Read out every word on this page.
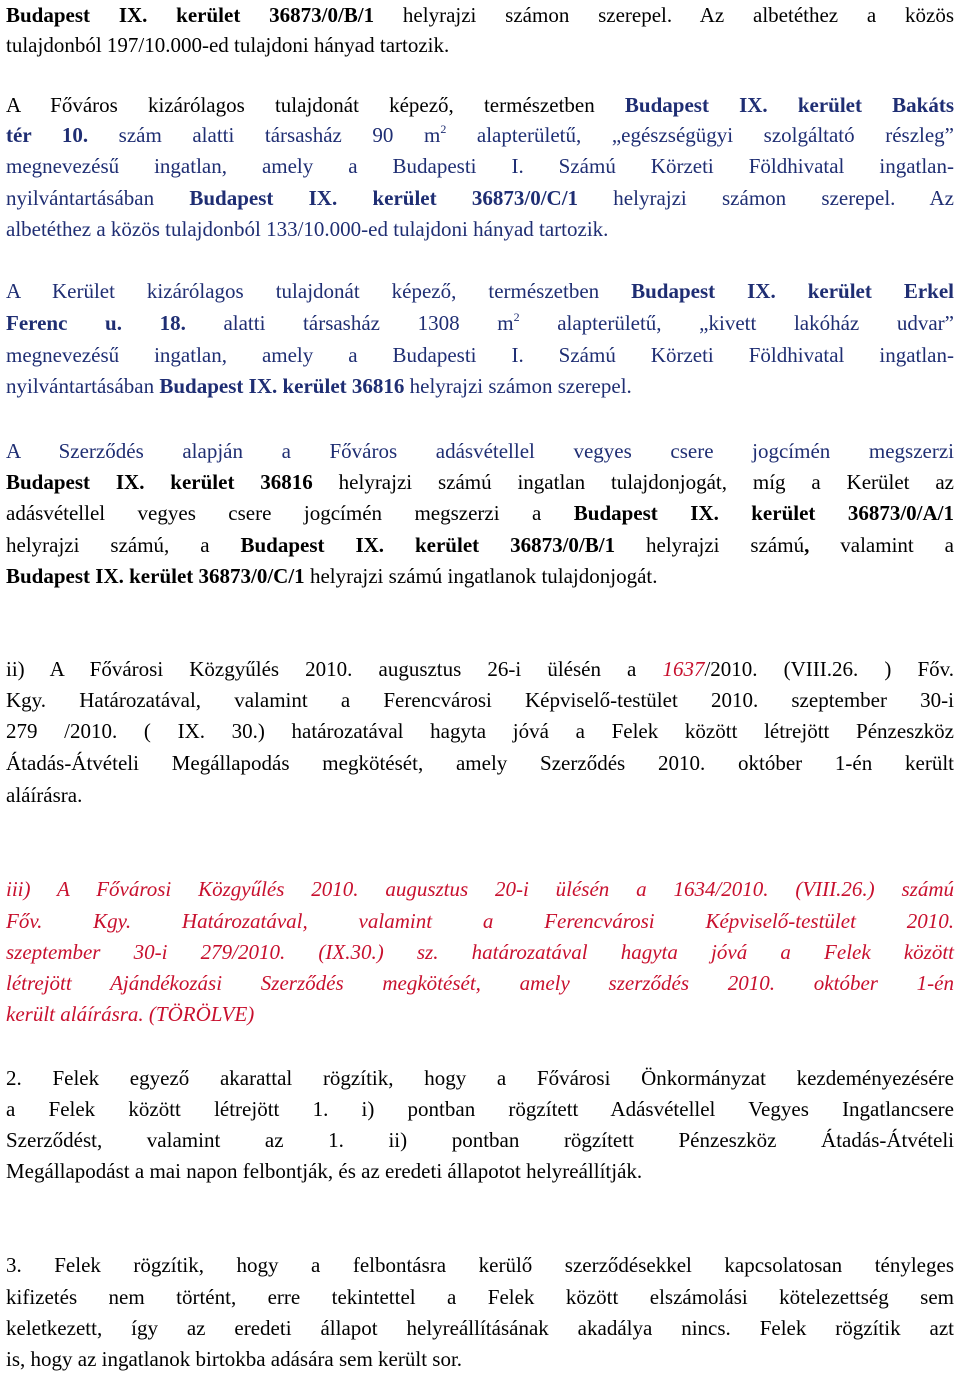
Budapest IX. kerület 36873/0/B/1 helyrajzi számon szerepel. Az albetéthez a közös
tulajdonból 197/10.000-ed tulajdoni hányad tartozik.
A Főváros kizárólagos tulajdonát képező, természetben Budapest IX. kerület Bakáts
tér 10. szám alatti társasház 90 $m^2$ alapterületű, „egészségügyi szolgáltató részleg”
megnevezésű ingatlan, amely a Budapesti I. Számú Körzeti Földhivatal ingatlan-
nyilvántartásában Budapest IX. kerület 36873/0/C/1 helyrajzi számon szerepel. Az
albetéthez a közös tulajdonból 133/10.000-ed tulajdoni hányad tartozik.
A Kerület kizárólagos tulajdonát képező, természetben Budapest IX. kerület Erkel
Ferenc u. 18. alatti társasház 1308 $m^2$ alapterületű, „kivett lakóház udvar”
megnevezésű ingatlan, amely a Budapesti I. Számú Körzeti Földhivatal ingatlan-
nyilvántartásában Budapest IX. kerület 36816 helyrajzi számon szerepel.
A Szerződés alapján a Főváros adásvétellel vegyes csere jogcímén megszerzi
Budapest IX. kerület 36816 helyrajzi számú ingatlan tulajdonjogát, míg a Kerület az
adásvétellel vegyes csere jogcímén megszerzi a Budapest IX. kerület 36873/0/A/1
helyrajzi számú, a Budapest IX. kerület 36873/0/B/1 helyrajzi számú, valamint a
Budapest IX. kerület 36873/0/C/1 helyrajzi számú ingatlanok tulajdonjogát.
ii) A Fővárosi Közgyűlés 2010. augusztus 26-i ülésén a 1637/2010. (VIII.26. ) Főv.
Kgy. Határozatával, valamint a Ferencvárosi Képviselő-testület 2010. szeptember 30-i
279 /2010. ( IX. 30.) határozatával hagyta jóvá a Felek között létrejött Pénzeszköz
Átadás-Átvételi Megállapodás megkötését, amely Szerződés 2010. október 1-én került
aláírásra.
iii) A Fővárosi Közgyűlés 2010. augusztus 20-i ülésén a 1634/2010. (VIII.26.) számú
Főv. Kgy. Határozatával, valamint a Ferencvárosi Képviselő-testület 2010.
szeptember 30-i 279/2010. (IX.30.) sz. határozatával hagyta jóvá a Felek között
létrejött Ajándékozási Szerződés megkötését, amely szerződés 2010. október 1-én
került aláírásra. (TÖRÖLVE)
2. Felek egyező akarattal rögzítik, hogy a Fővárosi Önkormányzat kezdeményezésére
a Felek között létrejött 1. i) pontban rögzített Adásvétellel Vegyes Ingatlancsere
Szerződést, valamint az 1. ii) pontban rögzített Pénzeszköz Átadás-Átvételi
Megállapodást a mai napon felbontják, és az eredeti állapotot helyreállítják.
3. Felek rögzítik, hogy a felbontásra kerülő szerződésekkel kapcsolatosan tényleges
kifizetés nem történt, erre tekintettel a Felek között elszámolási kötelezettség sem
keletkezett, így az eredeti állapot helyreállításának akadálya nincs. Felek rögzítik azt
is, hogy az ingatlanok birtokba adására sem került sor.
